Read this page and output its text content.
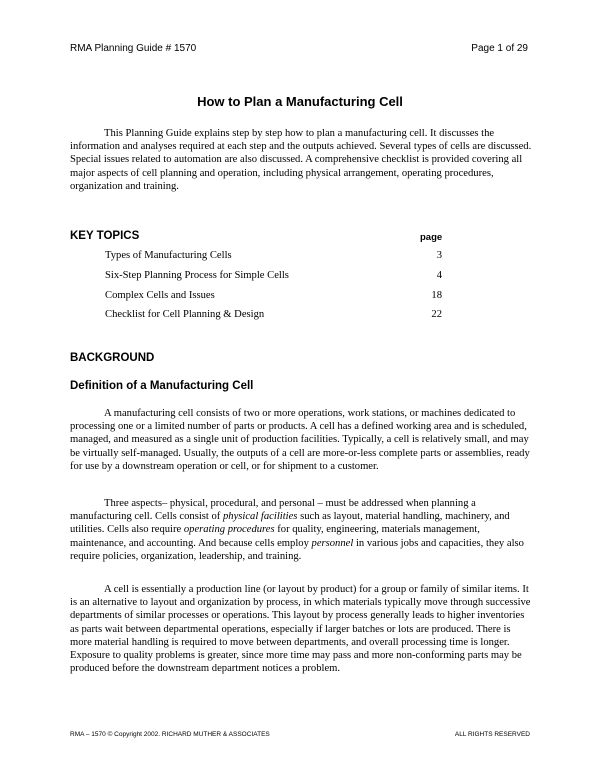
RMA Planning Guide # 1570	Page 1 of 29
How to Plan a Manufacturing Cell

This Planning Guide explains step by step how to plan a manufacturing cell. It discusses the information and analyses required at each step and the outputs achieved. Several types of cells are discussed. Special issues related to automation are also discussed. A comprehensive checklist is provided covering all major aspects of cell planning and operation, including physical arrangement, operating procedures, organization and training.

KEY TOPICS	page
Types of Manufacturing Cells	3
Six-Step Planning Process for Simple Cells	4
Complex Cells and Issues	18
Checklist for Cell Planning & Design	22
BACKGROUND
Definition of a Manufacturing Cell

A manufacturing cell consists of two or more operations, work stations, or machines dedicated to processing one or a limited number of parts or products. A cell has a defined working area and is scheduled, managed, and measured as a single unit of production facilities. Typically, a cell is relatively small, and may be virtually self-managed. Usually, the outputs of a cell are more-or-less complete parts or assemblies, ready for use by a downstream operation or cell, or for shipment to a customer.

Three aspects– physical, procedural, and personal – must be addressed when planning a manufacturing cell. Cells consist of physical facilities such as layout, material handling, machinery, and utilities. Cells also require operating procedures for quality, engineering, materials management, maintenance, and accounting. And because cells employ personnel in various jobs and capacities, they also require policies, organization, leadership, and training.

A cell is essentially a production line (or layout by product) for a group or family of similar items. It is an alternative to layout and organization by process, in which materials typically move through successive departments of similar processes or operations. This layout by process generally leads to higher inventories as parts wait between departmental operations, especially if larger batches or lots are produced. There is more material handling is required to move between departments, and overall processing time is longer. Exposure to quality problems is greater, since more time may pass and more non-conforming parts may be produced before the downstream department notices a problem.

RMA – 1570 © Copyright 2002. RICHARD MUTHER & ASSOCIATES	ALL RIGHTS RESERVED
